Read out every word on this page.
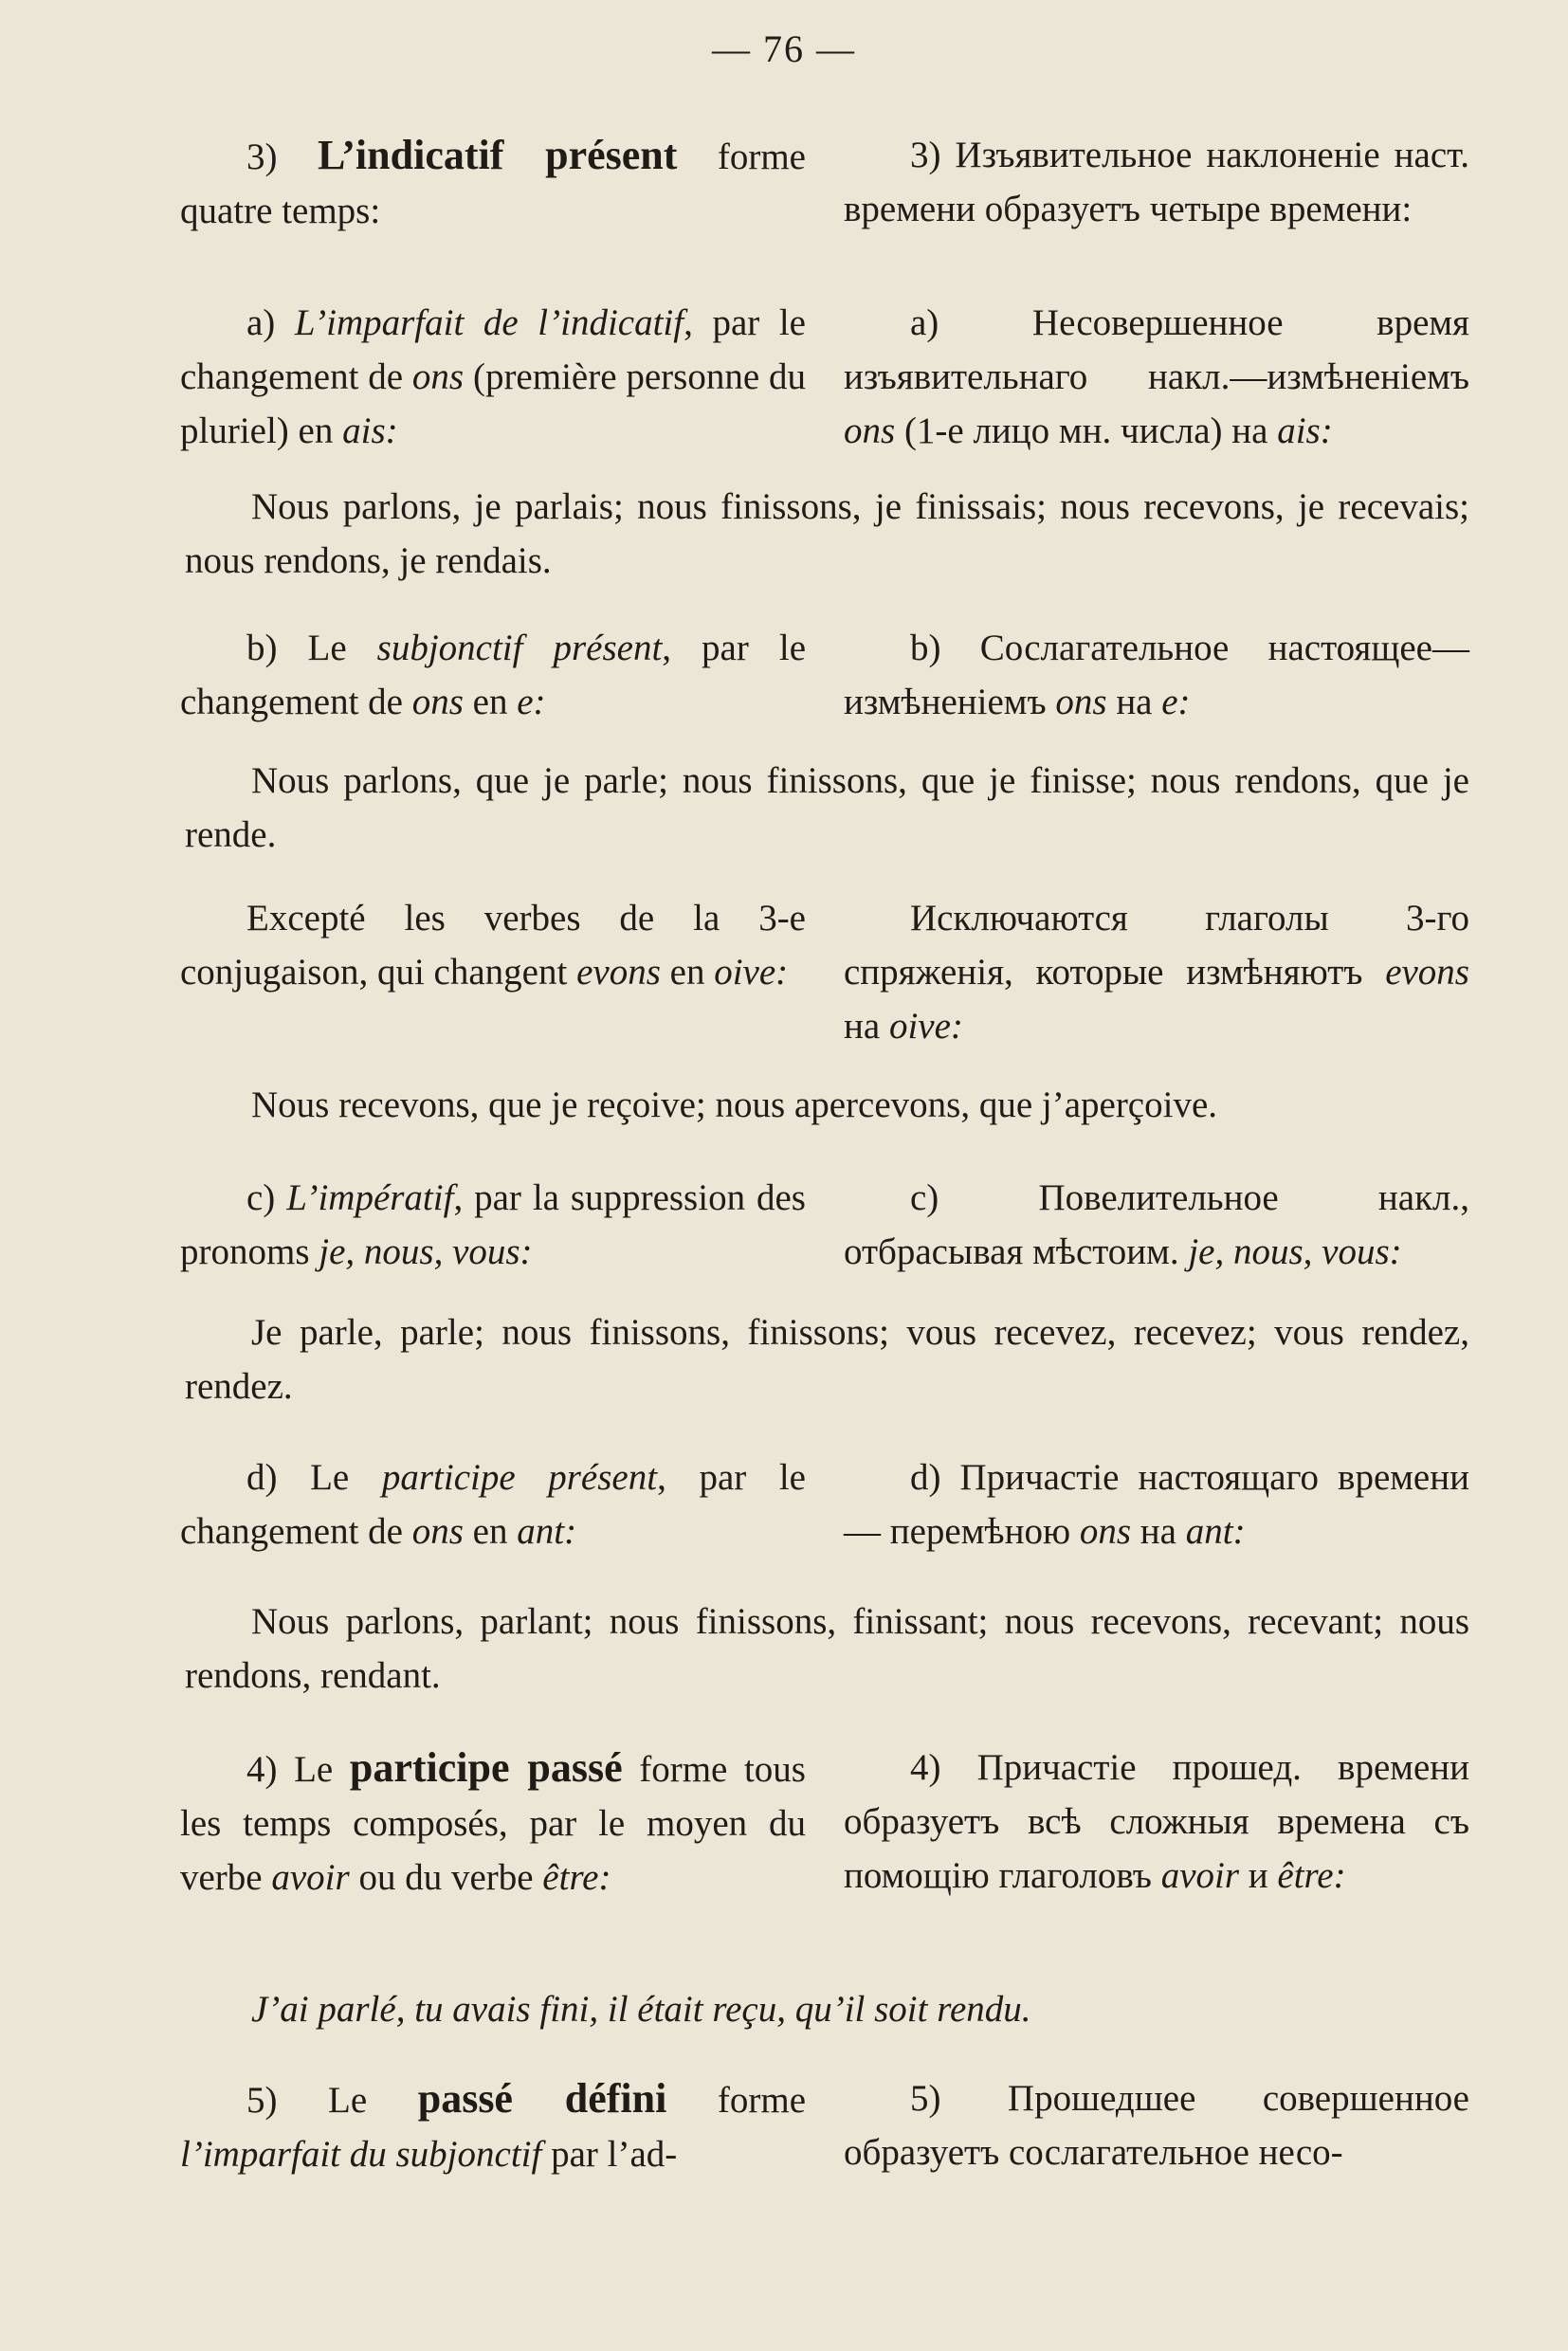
— 76 —
3) L’indicatif présent forme quatre temps:
3) Изъявительное наклоненіе наст. времени образуетъ четыре времени:
a) L’imparfait de l’indicatif, par le changement de ons (première personne du pluriel) en ais:
a) Несовершенное время изъявительнаго накл.—измѣненіемъ ons (1-е лицо мн. числа) на ais:
Nous parlons, je parlais; nous finissons, je finissais; nous recevons, je recevais; nous rendons, je rendais.
b) Le subjonctif présent, par le changement de ons en e:
b) Сослагательное настоящее—измѣненіемъ ons на e:
Nous parlons, que je parle; nous finissons, que je finisse; nous rendons, que je rende.
Excepté les verbes de la 3-e conjugaison, qui changent evons en oive:
Исключаются глаголы 3-го спряженія, которые измѣняютъ evons на oive:
Nous recevons, que je reçoive; nous apercevons, que j’aperçoive.
c) L’impératif, par la suppression des pronoms je, nous, vous:
c) Повелительное накл., отбрасывая мѣстоим. je, nous, vous:
Je parle, parle; nous finissons, finissons; vous recevez, recevez; vous rendez, rendez.
d) Le participe présent, par le changement de ons en ant:
d) Причастіе настоящаго времени — перемѣною ons на ant:
Nous parlons, parlant; nous finissons, finissant; nous recevons, recevant; nous rendons, rendant.
4) Le participe passé forme tous les temps composés, par le moyen du verbe avoir ou du verbe être:
4) Причастіе прошед. времени образуетъ всѣ сложныя времена съ помощію глаголовъ avoir и être:
J’ai parlé, tu avais fini, il était reçu, qu’il soit rendu.
5) Le passé défini forme l’imparfait du subjonctif par l’ad-
5) Прошедшее совершенное образуетъ сослагательное несо-
